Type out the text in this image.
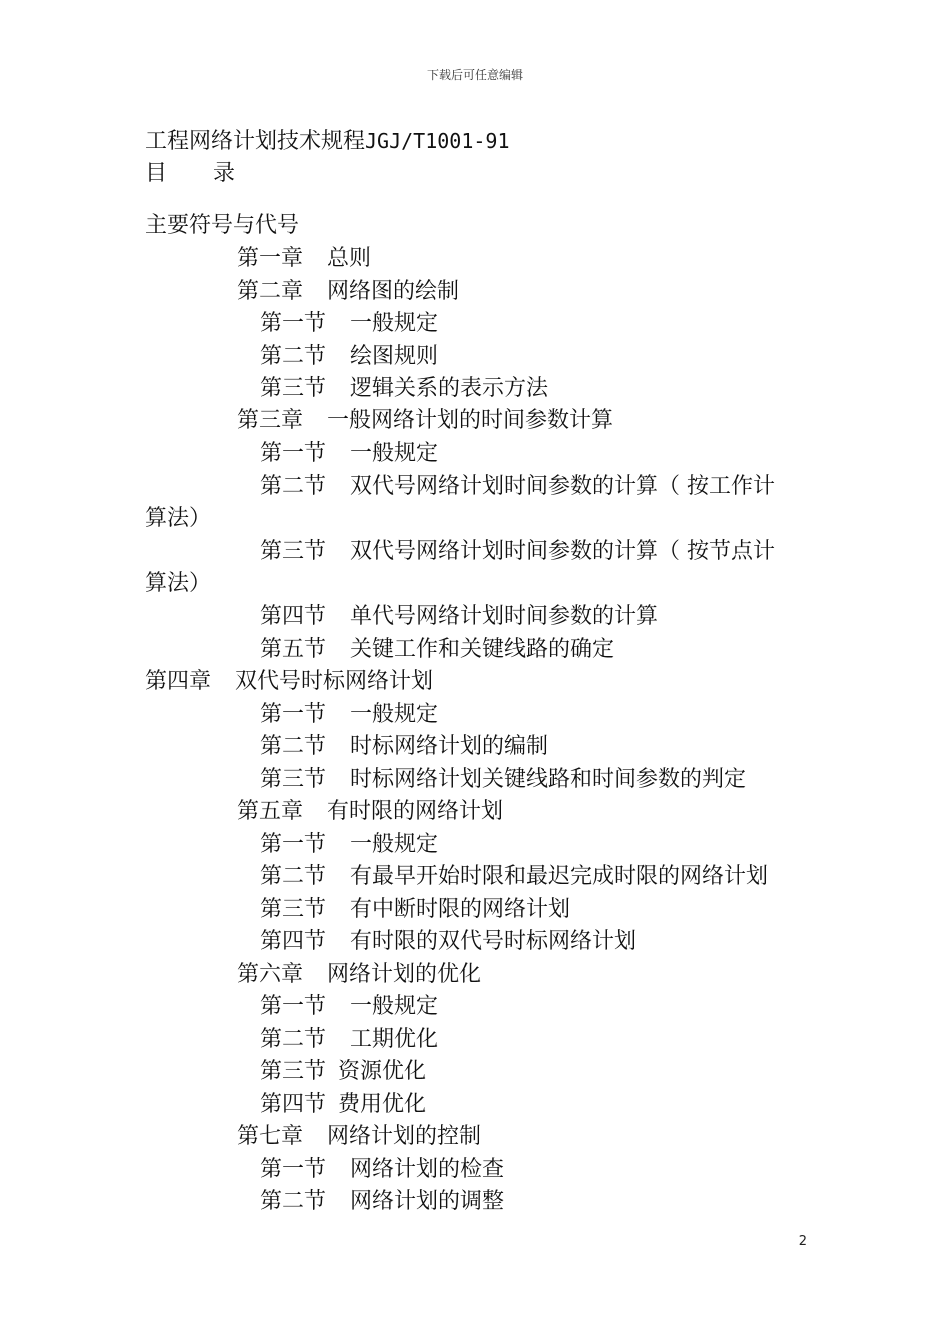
下载后可任意编辑
工程网络计划技术规程JGJ/T1001-91
目 录
主要符号与代号
第一章 总则
第二章 网络图的绘制
第一节 一般规定
第二节 绘图规则
第三节 逻辑关系的表示方法
第三章 一般网络计划的时间参数计算
第一节 一般规定
第二节 双代号网络计划时间参数的计算（ 按工作计
算法）
第三节 双代号网络计划时间参数的计算（ 按节点计
算法）
第四节 单代号网络计划时间参数的计算
第五节 关键工作和关键线路的确定
第四章 双代号时标网络计划
第一节 一般规定
第二节 时标网络计划的编制
第三节 时标网络计划关键线路和时间参数的判定
第五章 有时限的网络计划
第一节 一般规定
第二节 有最早开始时限和最迟完成时限的网络计划
第三节 有中断时限的网络计划
第四节 有时限的双代号时标网络计划
第六章 网络计划的优化
第一节 一般规定
第二节 工期优化
第三节 资源优化
第四节 费用优化
第七章 网络计划的控制
第一节 网络计划的检查
第二节 网络计划的调整
2
